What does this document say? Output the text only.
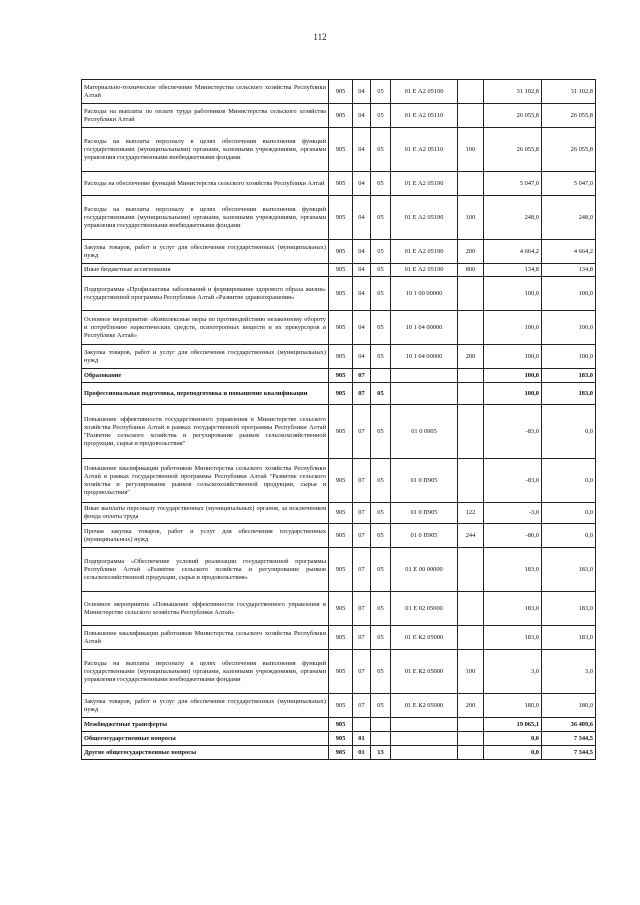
112
Материально-техническое обеспечение Министерства сельского хозяйства Республики Алтай	905	04	05	01 Е А2 05100		31 102,8	31 102,8
Расходы на выплаты по оплате труда работников Министерства сельского хозяйства Республики Алтай	905	04	05	01 Е А2 05110		26 055,8	26 055,8
Расходы на выплаты персоналу в целях обеспечения выполнения функций государственными (муниципальными) органами, казенными учреждениями, органами управления государственными внебюджетными фондами	905	04	05	01 Е А2 05110	100	26 055,8	26 055,8
Расходы на обеспечение функций Министерства сельского хозяйства Республики Алтай	905	04	05	01 Е А2 05190		5 047,0	5 047,0
Расходы на выплаты персоналу в целях обеспечения выполнения функций государственными (муниципальными) органами, казенными учреждениями, органами управления государственными внебюджетными фондами	905	04	05	01 Е А2 05190	100	248,0	248,0
Закупка товаров, работ и услуг для обеспечения государственных (муниципальных) нужд	905	04	05	01 Е А2 05190	200	4 664,2	4 664,2
Иные бюджетные ассигнования	905	04	05	01 Е А2 05190	800	134,8	134,8
Подпрограмма «Профилактика заболеваний и формирование здорового образа жизни» государственной программы Республики Алтай «Развитие здравоохранения»	905	04	05	10 1 00 00000		100,0	100,0
Основное мероприятие «Комплексные меры по противодействию незаконному обороту и потреблению наркотических средств, психотропных веществ и их прекурсоров в Республике Алтай»	905	04	05	10 1 04 00000		100,0	100,0
Закупка товаров, работ и услуг для обеспечения государственных (муниципальных) нужд	905	04	05	10 1 04 00000	200	100,0	100,0
Образование	905	07				100,0	183,0
Профессиональная подготовка, переподготовка и повышение квалификации	905	07	05			100,0	183,0
Повышение эффективности государственного управления в Министерстве сельского хозяйства Республики Алтай в рамках государственной программы Республики Алтай "Развитие сельского хозяйства и регулирование рынков сельскохозяйственной продукции, сырья и продовольствия"	905	07	05	01 0 0905		-83,0	0,0
Повышение квалификации работников Министерства сельского хозяйства Республики Алтай в рамках государственной программы Республики Алтай "Развитие сельского хозяйства и регулирование рынков сельскохозяйственной продукции, сырья и продовольствия"	905	07	05	01 0 П905		-83,0	0,0
Иные выплаты персоналу государственных (муниципальных) органов, за исключением фонда оплаты труда	905	07	05	01 0 П905	122	-3,0	0,0
Прочая закупка товаров, работ и услуг для обеспечения государственных (муниципальных) нужд	905	07	05	01 0 П905	244	-80,0	0,0
Подпрограмма «Обеспечение условий реализации государственной программы Республики Алтай «Развитие сельского хозяйства и регулирование рынков сельскохозяйственной продукции, сырья и продовольствия»	905	07	05	01 Е 00 00000		183,0	183,0
Основное мероприятие «Повышение эффективности государственного управления в Министерстве сельского хозяйства Республики Алтай»	905	07	05	01 Е 02 05000		183,0	183,0
Повышение квалификации работников Министерства сельского хозяйства Республики Алтай	905	07	05	01 Е К2 05000		183,0	183,0
Расходы на выплаты персоналу в целях обеспечения выполнения функций государственными (муниципальными) органами, казенными учреждениями, органами управления государственными внебюджетными фондами	905	07	05	01 Е К2 05000	100	3,0	3,0
Закупка товаров, работ и услуг для обеспечения государственных (муниципальных) нужд	905	07	05	01 Е К2 05000	200	180,0	180,0
Межбюджетные трансферты	905					19 065,1	36 409,6
Общегосударственные вопросы	905	01				0,0	7 344,5
Другие общегосударственные вопросы	905	01	13			0,0	7 344,5
